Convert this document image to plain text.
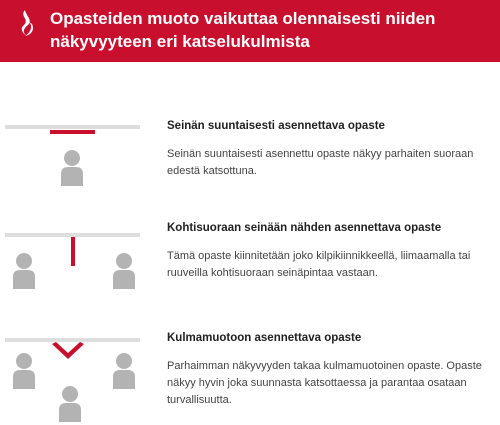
Opasteiden muoto vaikuttaa olennaisesti niiden näkyvyyteen eri katselukulmista
Seinän suuntaisesti asennettava opaste
Seinän suuntaisesti asennettu opaste näkyy parhaiten suoraan edestä katsottuna.
Kohtisuoraan seinään nähden asennettava opaste
Tämä opaste kiinnitetään joko kilpikiinnikkeellä, liimaamalla tai ruuveilla kohtisuoraan seinäpintaa vastaan.
Kulmamuotoon asennettava opaste
Parhaimman näkyvyyden takaa kulmamuotoinen opaste. Opaste näkyy hyvin joka suunnasta katsottaessa ja parantaa osataan turvallisuutta.
